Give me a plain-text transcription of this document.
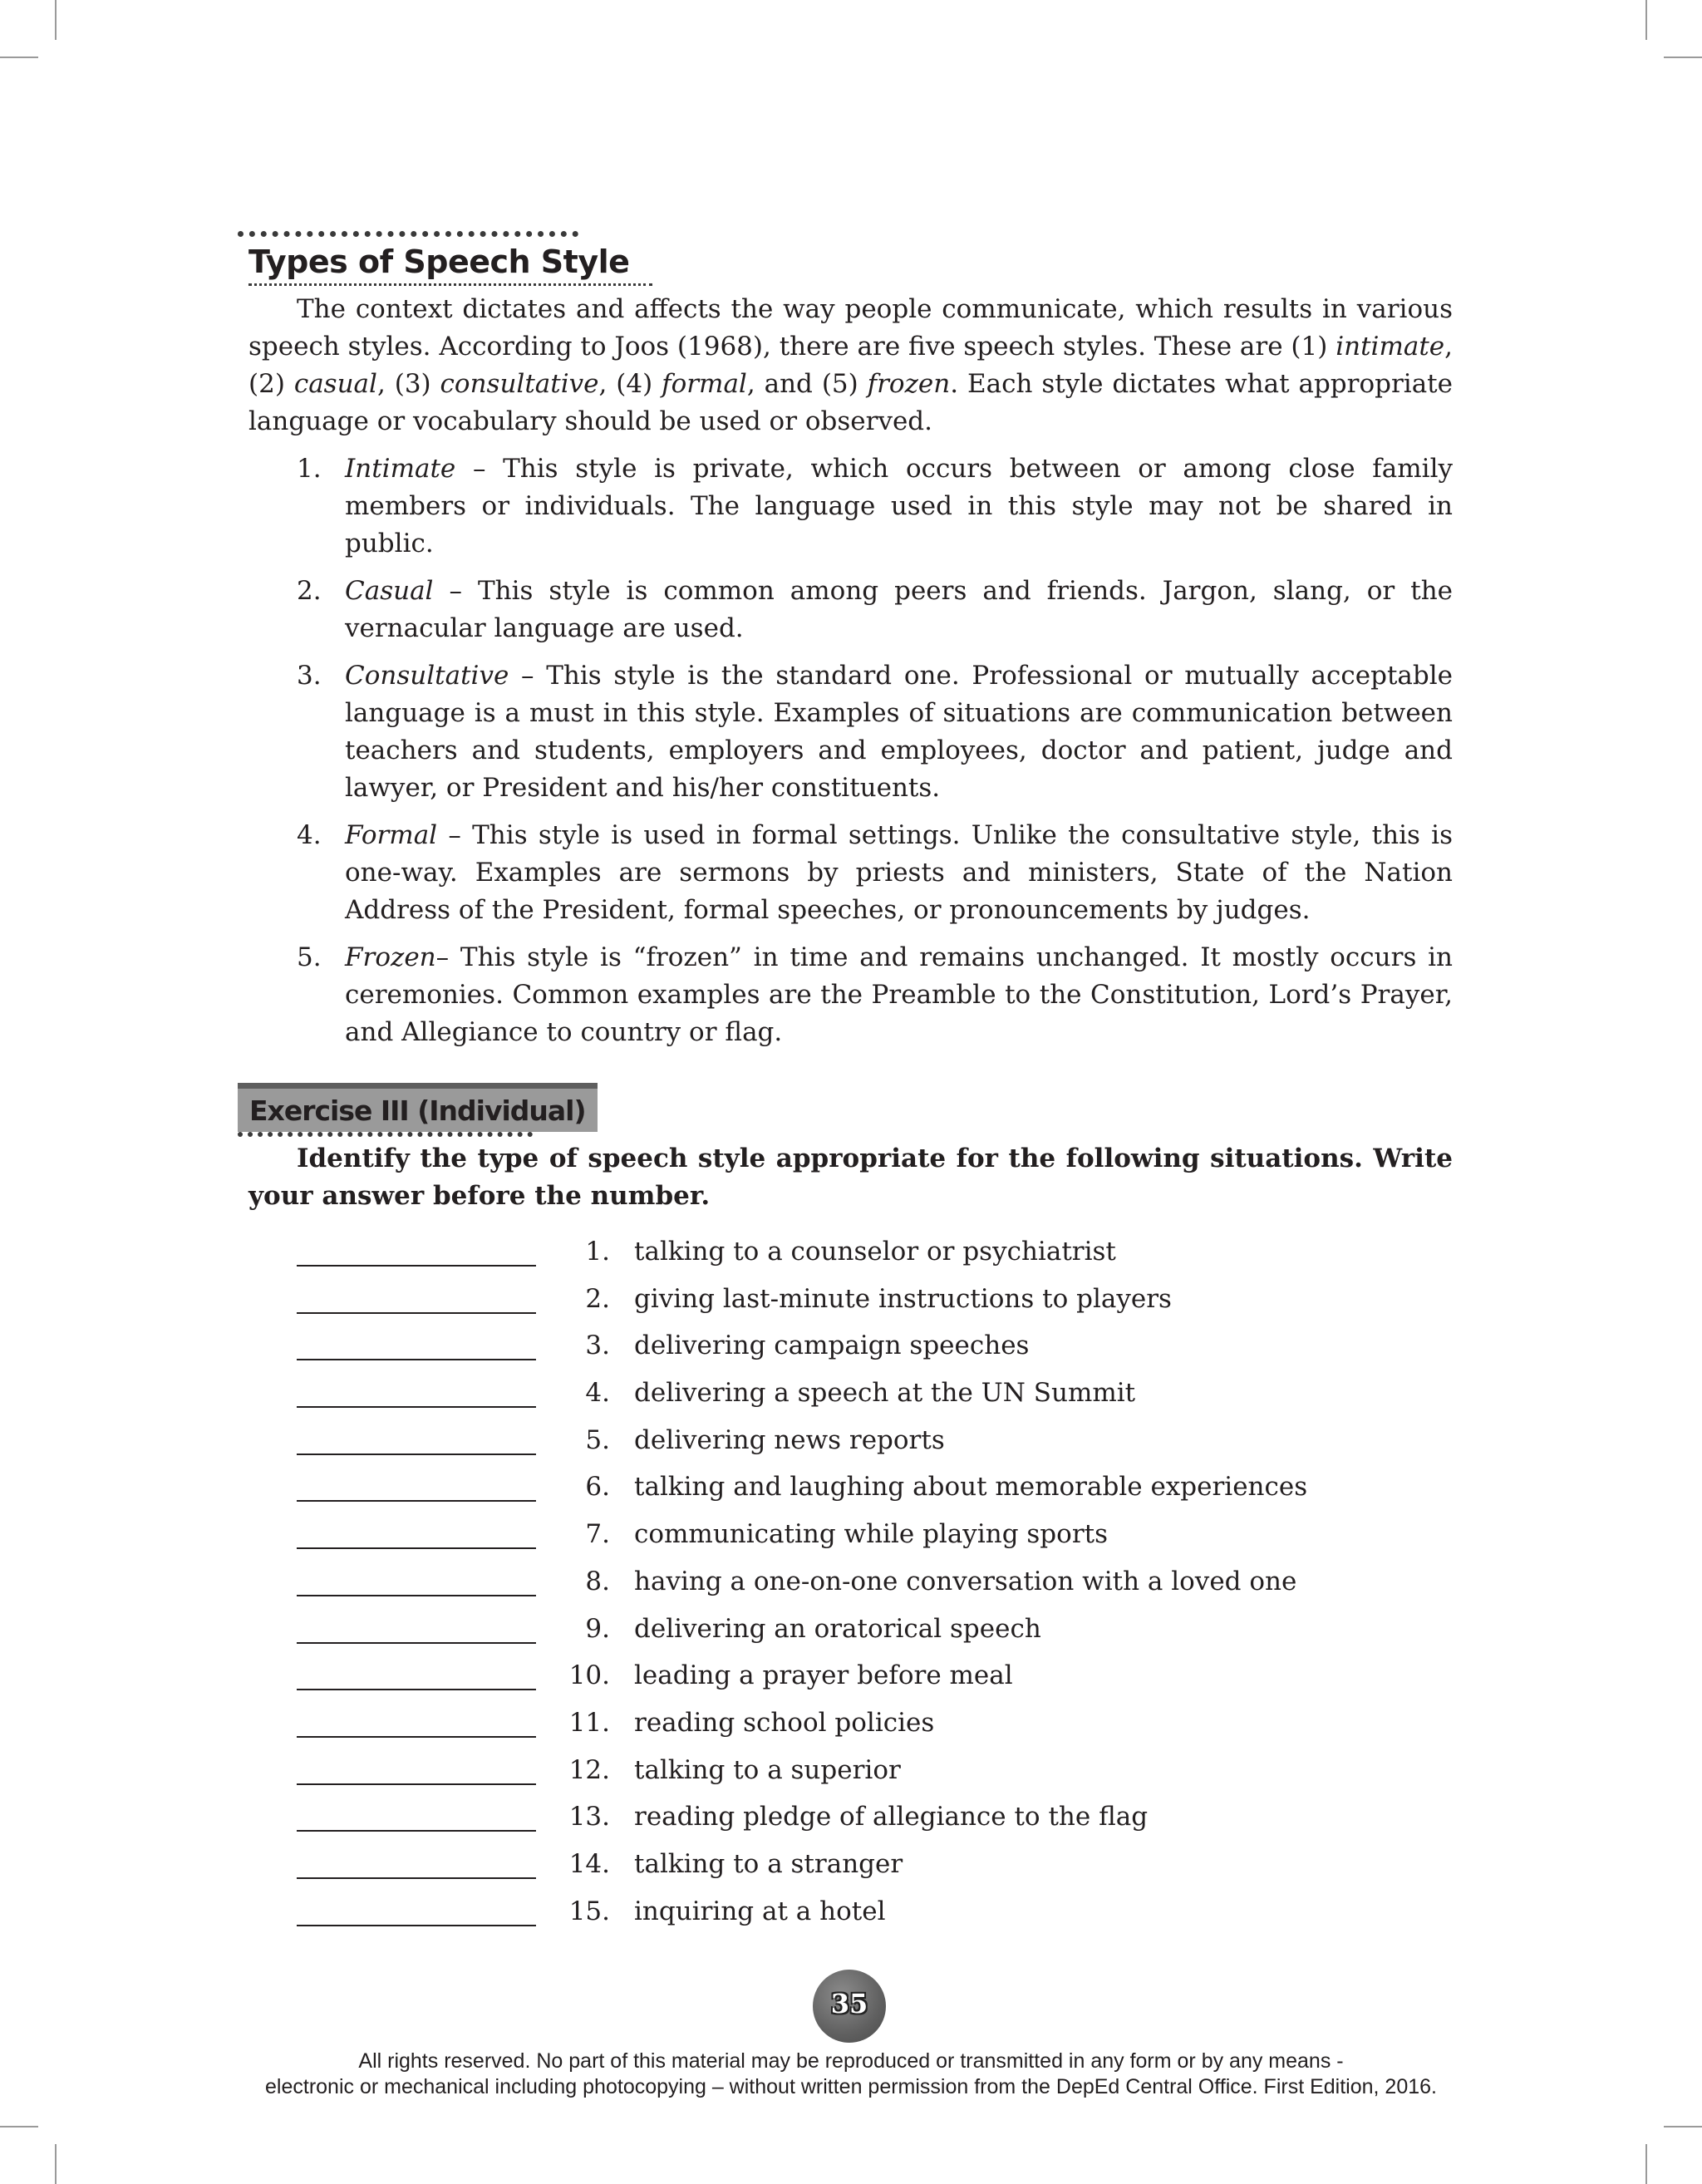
Types of Speech Style

The context dictates and affects the way people communicate, which results in various speech styles. According to Joos (1968), there are five speech styles. These are (1) intimate, (2) casual, (3) consultative, (4) formal, and (5) frozen. Each style dictates what appropriate language or vocabulary should be used or observed.

1. Intimate – This style is private, which occurs between or among close family members or individuals. The language used in this style may not be shared in public.
2. Casual – This style is common among peers and friends. Jargon, slang, or the vernacular language are used.
3. Consultative – This style is the standard one. Professional or mutually acceptable language is a must in this style. Examples of situations are communication between teachers and students, employers and employees, doctor and patient, judge and lawyer, or President and his/her constituents.
4. Formal – This style is used in formal settings. Unlike the consultative style, this is one-way. Examples are sermons by priests and ministers, State of the Nation Address of the President, formal speeches, or pronouncements by judges.
5. Frozen– This style is “frozen” in time and remains unchanged. It mostly occurs in ceremonies. Common examples are the Preamble to the Constitution, Lord’s Prayer, and Allegiance to country or flag.
Exercise III (Individual)

Identify the type of speech style appropriate for the following situations. Write your answer before the number.

1. talking to a counselor or psychiatrist
2. giving last-minute instructions to players
3. delivering campaign speeches
4. delivering a speech at the UN Summit
5. delivering news reports
6. talking and laughing about memorable experiences
7. communicating while playing sports
8. having a one-on-one conversation with a loved one
9. delivering an oratorical speech
10. leading a prayer before meal
11. reading school policies
12. talking to a superior
13. reading pledge of allegiance to the flag
14. talking to a stranger
15. inquiring at a hotel
35
All rights reserved. No part of this material may be reproduced or transmitted in any form or by any means -
electronic or mechanical including photocopying – without written permission from the DepEd Central Office. First Edition, 2016.
